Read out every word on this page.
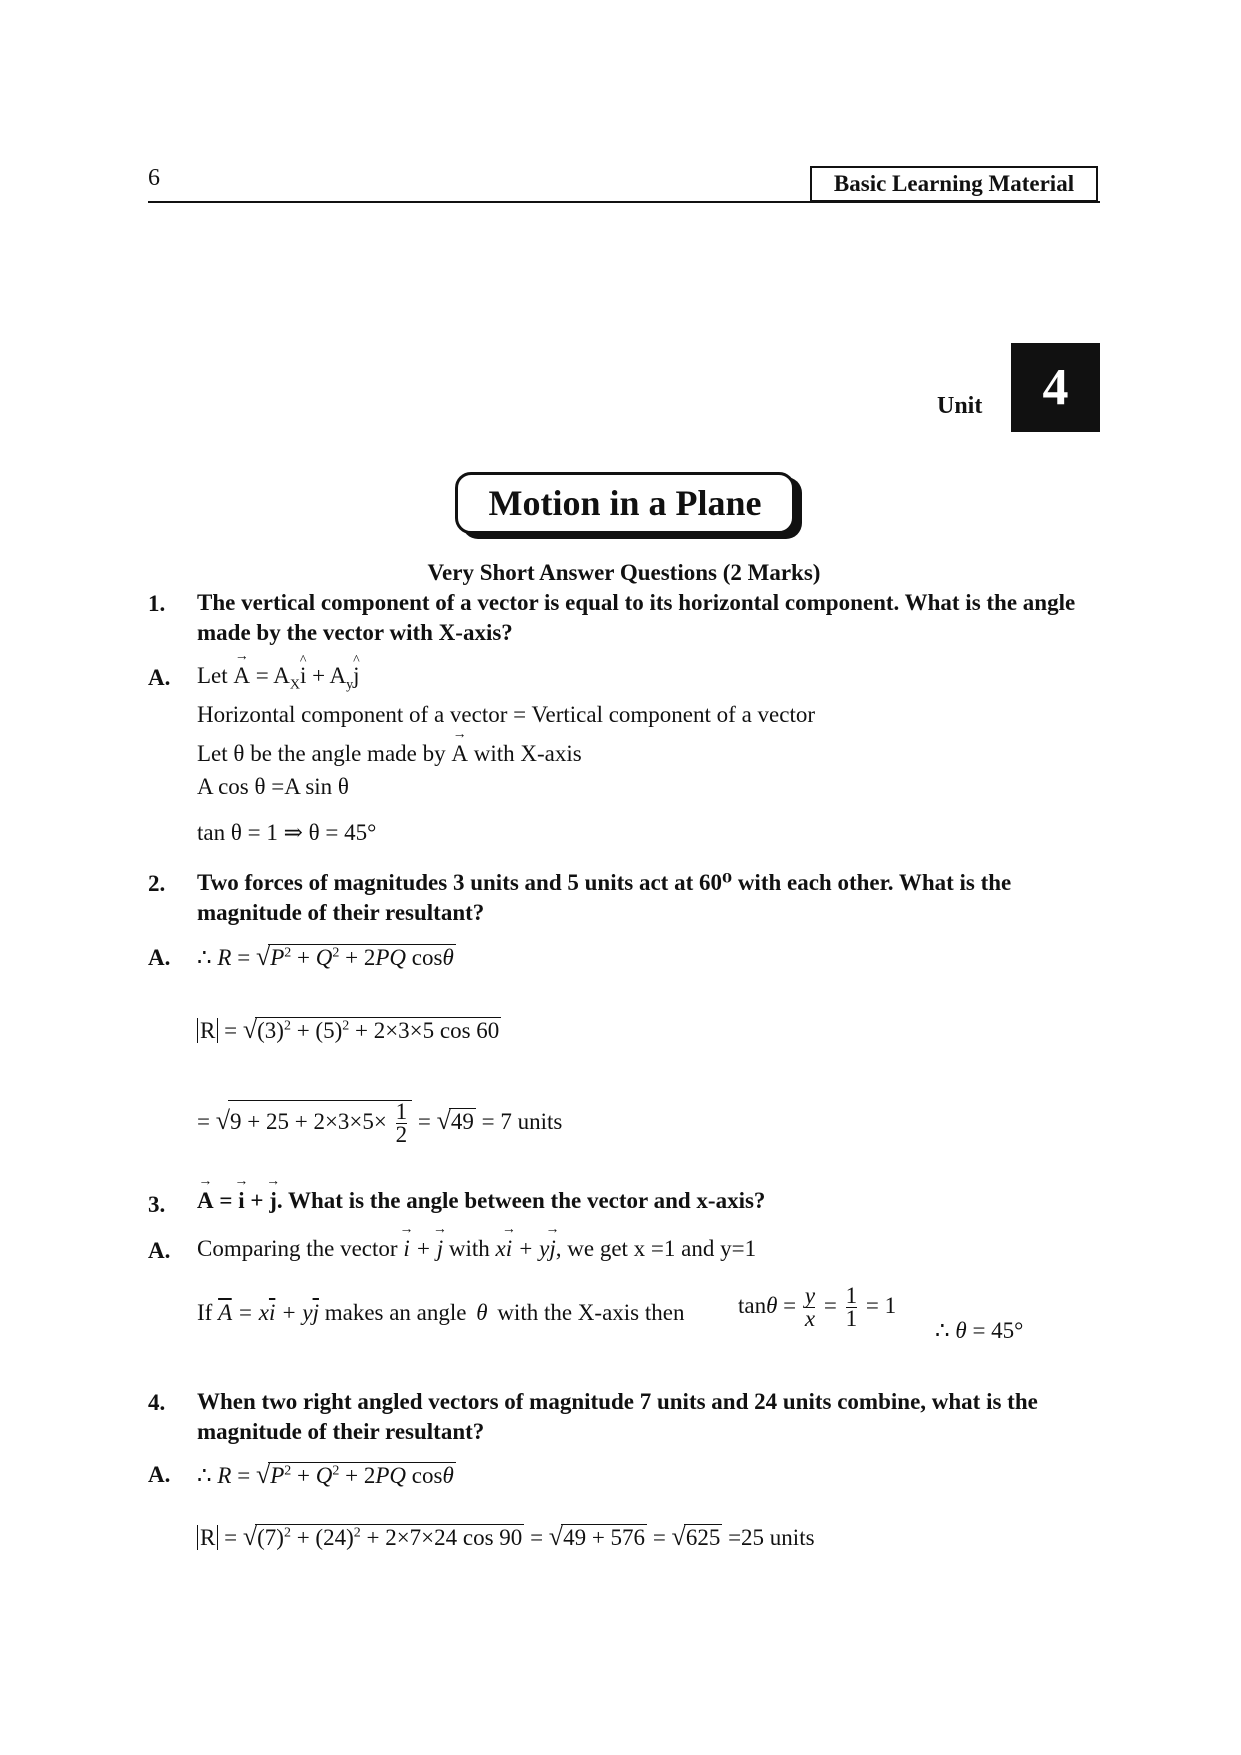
6	Basic Learning Material
Unit	4
Motion in a Plane
Very Short Answer Questions (2 Marks)
1. The vertical component of a vector is equal to its horizontal component. What is the angle made by the vector with X-axis?
A. Let → $A = A_X\^{}$ $i + A_y\^{}$ j
Horizontal component of a vector = Vertical component of a vector
Let θ be the angle made by → A with X-axis
A cos θ =A sin θ
tan θ = 1 ⇒ θ = 45°
2. Two forces of magnitudes 3 units and 5 units act at 60⁰ with each other. What is the magnitude of their resultant?
A. ∴ $R = √P^2 + Q^2 + 2PQ$ cosθ
$R = √(3)^2 + (5)^2 + 2\times 3\times 5$ cos 60
= $√9 + 25 + 2\times 3\times 5\times \frac{1}{2} = √49 = 7$ units
3. → A = → i + → j. What is the angle between the vector and x-axis?
A. Comparing the vector → i + → j with x→ i + y→ j, we get x =1 and y=1
If $\overline{A} = x\overline{i} + y\overline{j}$ makes an angle θ with the X-axis then $\tan\theta = \frac{y}{x} = \frac{1}{1} = 1$
∴ θ = 45°
4. When two right angled vectors of magnitude 7 units and 24 units combine, what is the magnitude of their resultant?
A. ∴ $R = √P^2 + Q^2 + 2PQ$ cosθ
$R = √(7)^2 + (24)^2 + 2\times 7\times 24$ cos 90 = √49 + 576 = √625 =25 units
